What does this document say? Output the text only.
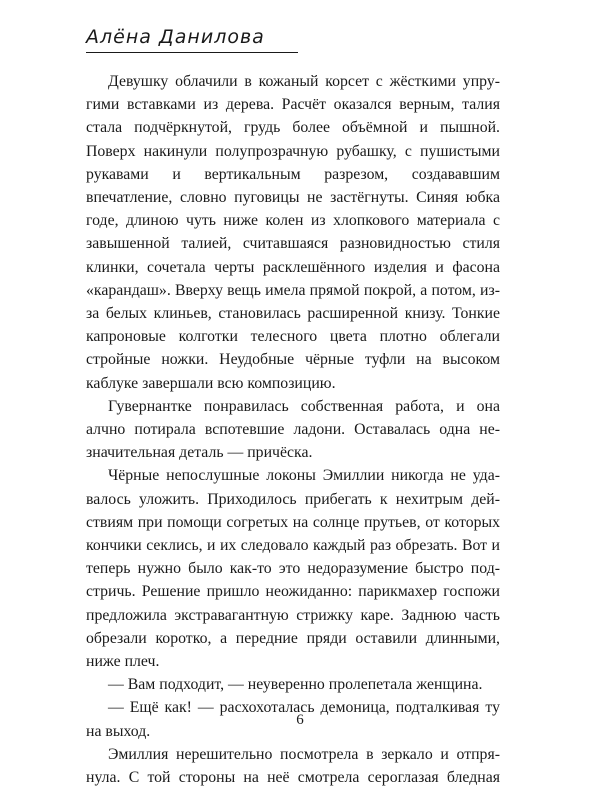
Алёна Данилова

Девушку облачили в кожаный корсет с жёсткими упругими вставками из дерева. Расчёт оказался верным, талия стала подчёркнутой, грудь более объёмной и пышной. Поверх накинули полупрозрачную рубашку, с пушистыми рукавами и вертикальным разрезом, создававшим впечатление, словно пуговицы не застёгнуты. Синяя юбка годе, длиною чуть ниже колен из хлопкового материала с завышенной талией, считавшаяся разновидностью стиля клинки, сочетала черты расклешённого изделия и фасона «карандаш». Вверху вещь имела прямой покрой, а потом, из-за белых клиньев, становилась расширенной книзу. Тонкие капроновые колготки телесного цвета плотно облегали стройные ножки. Неудобные чёрные туфли на высоком каблуке завершали всю композицию.

Гувернантке понравилась собственная работа, и она алчно потирала вспотевшие ладони. Оставалась одна незначительная деталь — причёска.

Чёрные непослушные локоны Эмиллии никогда не удавалось уложить. Приходилось прибегать к нехитрым действиям при помощи согретых на солнце прутьев, от которых кончики секлись, и их следовало каждый раз обрезать. Вот и теперь нужно было как-то это недоразумение быстро подстричь. Решение пришло неожиданно: парикмахер госпожи предложила экстравагантную стрижку каре. Заднюю часть обрезали коротко, а передние пряди оставили длинными, ниже плеч.

— Вам подходит, — неуверенно пролепетала женщина.

— Ещё как! — расхохоталась демоница, подталкивая ту на выход.

Эмиллия нерешительно посмотрела в зеркало и отпрянула. С той стороны на неё смотрела сероглазая бледная

6
